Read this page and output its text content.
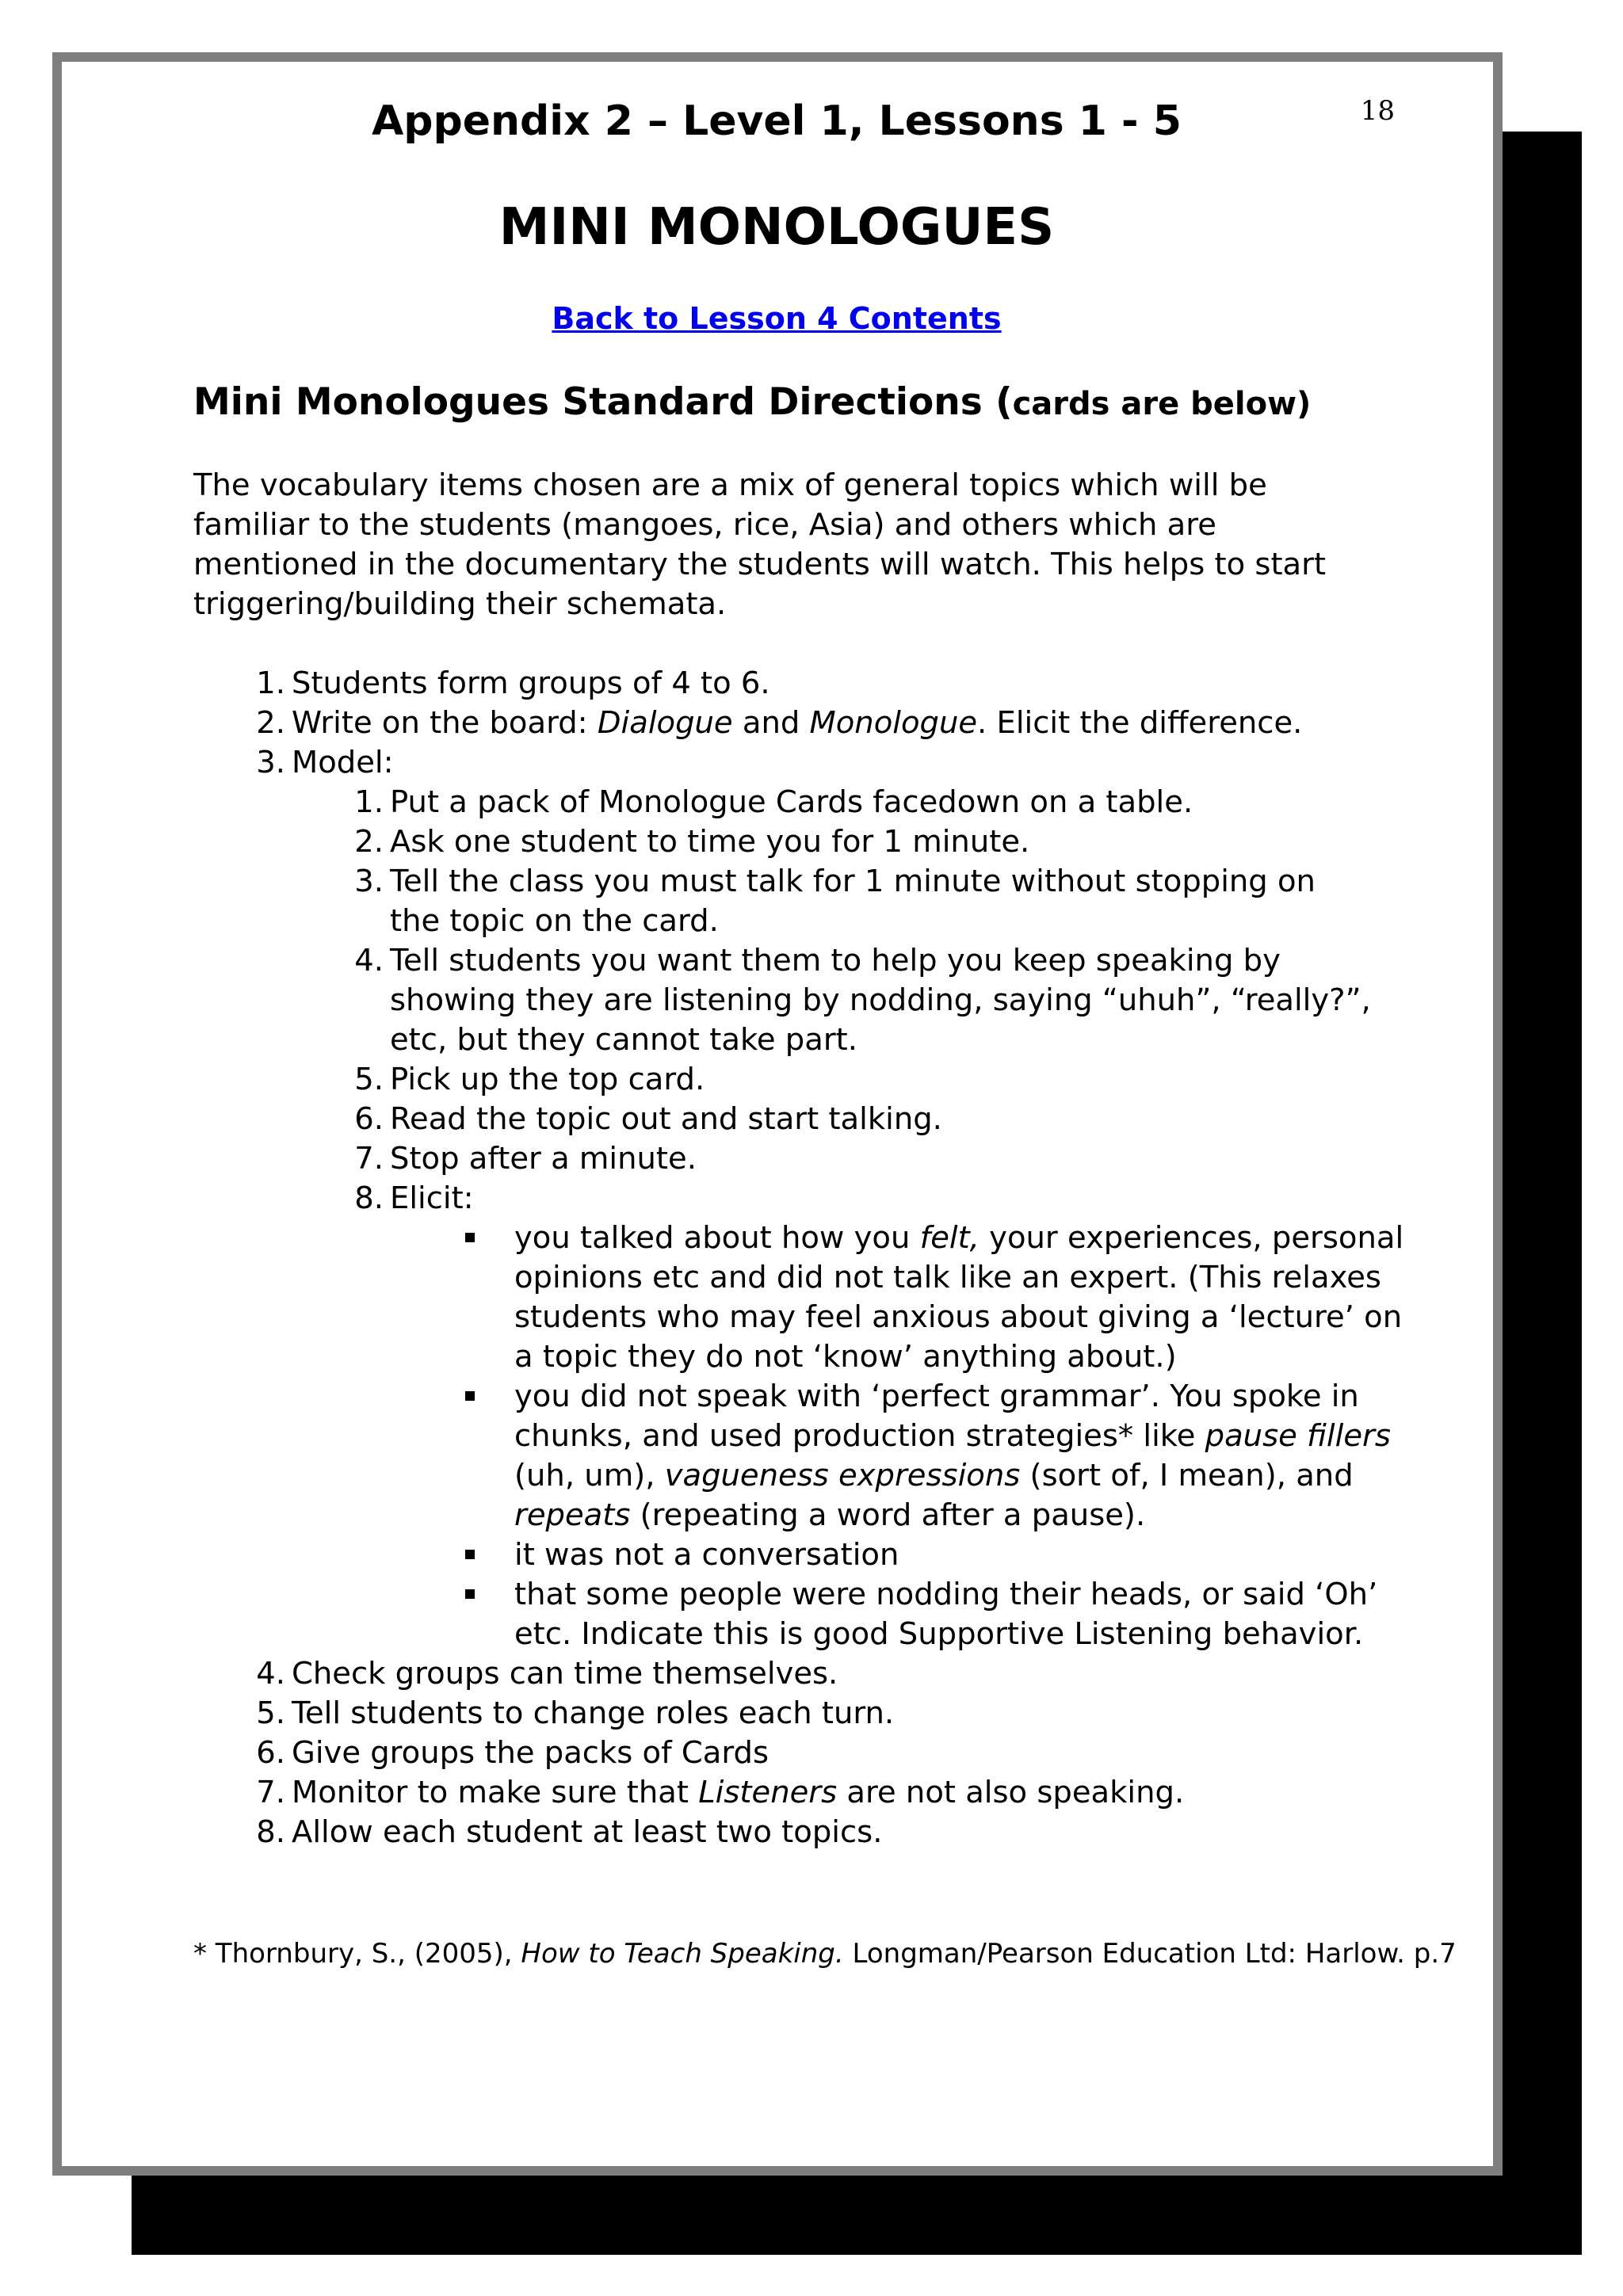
18
Appendix 2 – Level 1, Lessons 1 - 5
MINI MONOLOGUES
Back to Lesson 4 Contents
Mini Monologues Standard Directions (cards are below)

The vocabulary items chosen are a mix of general topics which will be familiar to the students (mangoes, rice, Asia) and others which are mentioned in the documentary the students will watch. This helps to start triggering/building their schemata.

1. Students form groups of 4 to 6.
2. Write on the board: Dialogue and Monologue. Elicit the difference.
3. Model:
1. Put a pack of Monologue Cards facedown on a table.
2. Ask one student to time you for 1 minute.
3. Tell the class you must talk for 1 minute without stopping on the topic on the card.
4. Tell students you want them to help you keep speaking by showing they are listening by nodding, saying “uhuh”, “really?”, etc, but they cannot take part.
5. Pick up the top card.
6. Read the topic out and start talking.
7. Stop after a minute.
8. Elicit:
you talked about how you felt, your experiences, personal opinions etc and did not talk like an expert. (This relaxes students who may feel anxious about giving a ‘lecture’ on a topic they do not ‘know’ anything about.)
you did not speak with ‘perfect grammar’. You spoke in chunks, and used production strategies* like pause fillers (uh, um), vagueness expressions (sort of, I mean), and repeats (repeating a word after a pause).
it was not a conversation
that some people were nodding their heads, or said ‘Oh’ etc. Indicate this is good Supportive Listening behavior.
4. Check groups can time themselves.
5. Tell students to change roles each turn.
6. Give groups the packs of Cards
7. Monitor to make sure that Listeners are not also speaking.
8. Allow each student at least two topics.
* Thornbury, S., (2005), How to Teach Speaking. Longman/Pearson Education Ltd: Harlow. p.7
